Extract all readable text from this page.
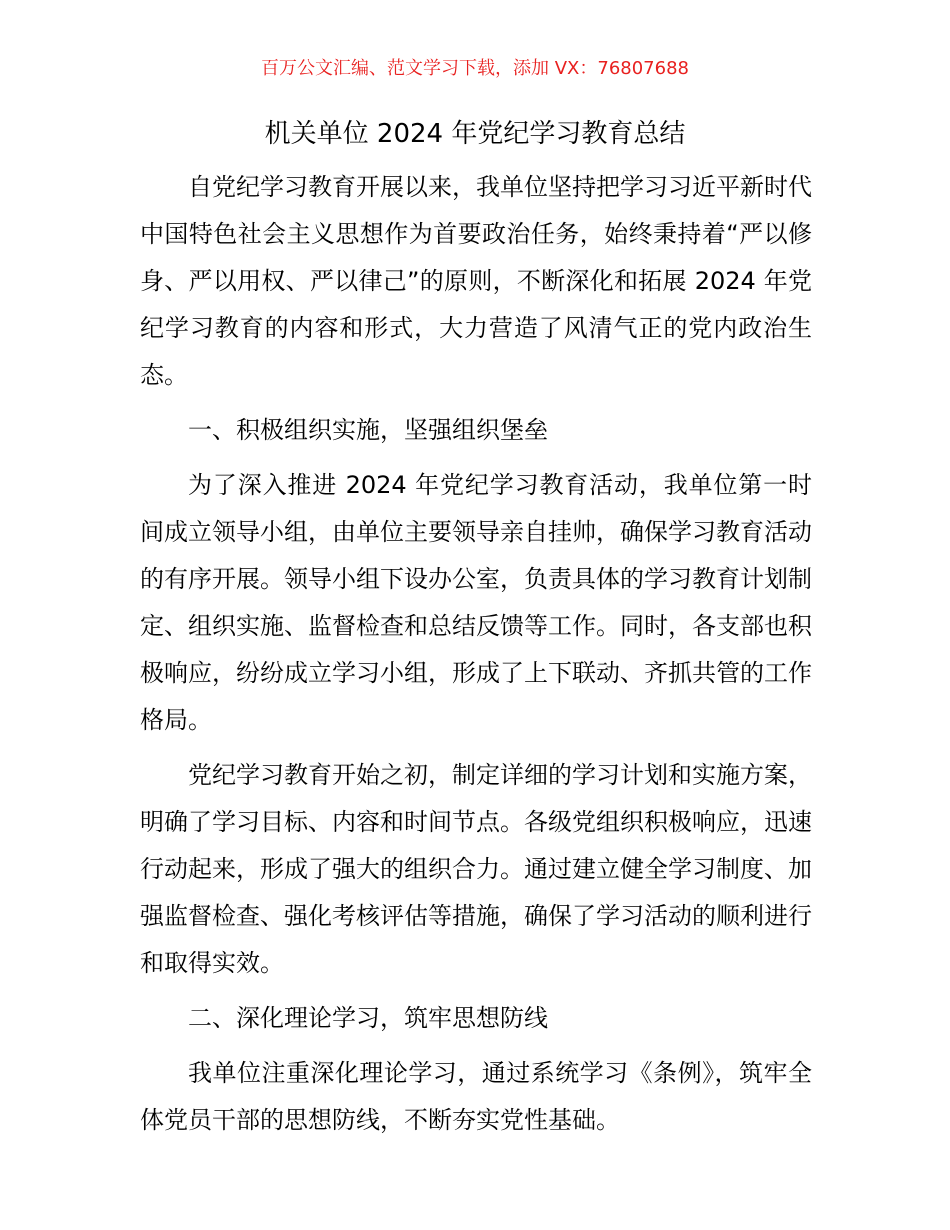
百万公文汇编、范文学习下载，添加 VX：76807688
机关单位 2024 年党纪学习教育总结

自党纪学习教育开展以来，我单位坚持把学习习近平新时代中国特色社会主义思想作为首要政治任务，始终秉持着“严以修身、严以用权、严以律己”的原则，不断深化和拓展 2024 年党纪学习教育的内容和形式，大力营造了风清气正的党内政治生态。

一、积极组织实施，坚强组织堡垒

为了深入推进 2024 年党纪学习教育活动，我单位第一时间成立领导小组，由单位主要领导亲自挂帅，确保学习教育活动的有序开展。领导小组下设办公室，负责具体的学习教育计划制定、组织实施、监督检查和总结反馈等工作。同时，各支部也积极响应，纷纷成立学习小组，形成了上下联动、齐抓共管的工作格局。

党纪学习教育开始之初，制定详细的学习计划和实施方案，明确了学习目标、内容和时间节点。各级党组织积极响应，迅速行动起来，形成了强大的组织合力。通过建立健全学习制度、加强监督检查、强化考核评估等措施，确保了学习活动的顺利进行和取得实效。

二、深化理论学习，筑牢思想防线

我单位注重深化理论学习，通过系统学习《条例》，筑牢全体党员干部的思想防线，不断夯实党性基础。
